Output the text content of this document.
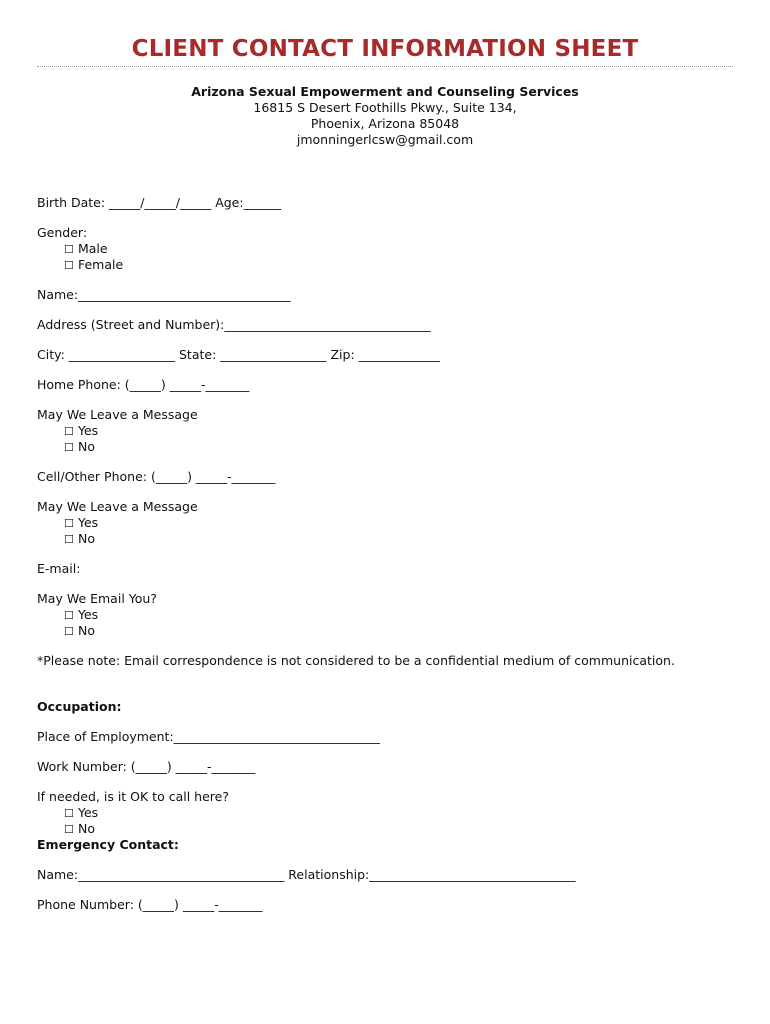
CLIENT CONTACT INFORMATION SHEET
Arizona Sexual Empowerment and Counseling Services
16815 S Desert Foothills Pkwy., Suite 134,
Phoenix, Arizona 85048
jmonningerlcsw@gmail.com
Birth Date: _____/_____/_____ Age:______
Gender:
☐ Male
☐ Female
Name:__________________________________
Address (Street and Number):_________________________________
City: _________________ State: _________________ Zip: _____________
Home Phone: (_____) _____-_______
May We Leave a Message
☐ Yes
☐ No
Cell/Other Phone: (_____) _____-_______
May We Leave a Message
☐ Yes
☐ No
E-mail:
May We Email You?
☐ Yes
☐ No
*Please note: Email correspondence is not considered to be a confidential medium of communication.
Occupation:
Place of Employment:_________________________________
Work Number: (_____) _____-_______
If needed, is it OK to call here?
☐ Yes
☐ No
Emergency Contact:
Name:_________________________________ Relationship:_________________________________
Phone Number: (_____) _____-_______
